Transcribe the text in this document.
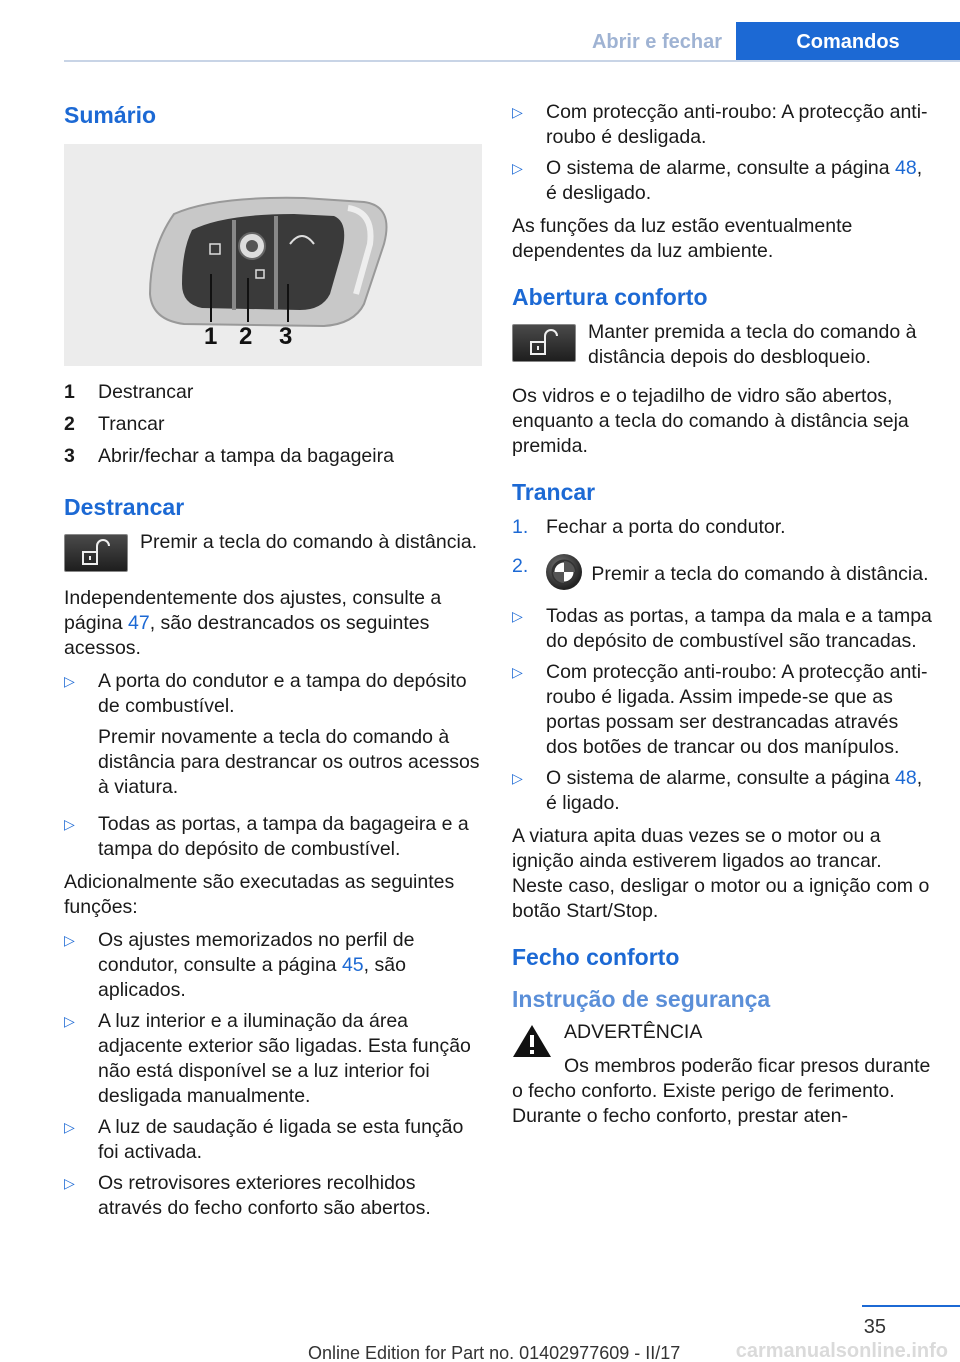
Abrir e fechar	Comandos
Sumário
1 2 3
1	Destrancar
2	Trancar
3	Abrir/fechar a tampa da bagageira
Destrancar
Premir a tecla do comando à distância.

Independentemente dos ajustes, consulte a página 47, são destrancados os seguintes acessos.

▷	A porta do condutor e a tampa do depósito de combustível.

Premir novamente a tecla do comando à distância para destrancar os outros acessos à viatura.

▷	Todas as portas, a tampa da bagageira e a tampa do depósito de combustível.

Adicionalmente são executadas as seguintes funções:

▷	Os ajustes memorizados no perfil de condutor, consulte a página 45, são aplicados.
▷	A luz interior e a iluminação da área adjacente exterior são ligadas. Esta função não está disponível se a luz interior foi desligada manualmente.
▷	A luz de saudação é ligada se esta função foi activada.
▷	Os retrovisores exteriores recolhidos através do fecho conforto são abertos.
▷	Com protecção anti-roubo: A protecção anti-roubo é desligada.
▷	O sistema de alarme, consulte a página 48, é desligado.

As funções da luz estão eventualmente dependentes da luz ambiente.

Abertura conforto
Manter premida a tecla do comando à distância depois do desbloqueio.

Os vidros e o tejadilho de vidro são abertos, enquanto a tecla do comando à distância seja premida.

Trancar
1. Fechar a porta do condutor.
2.	Premir a tecla do comando à distância.
▷	Todas as portas, a tampa da mala e a tampa do depósito de combustível são trancadas.
▷	Com protecção anti-roubo: A protecção anti-roubo é ligada. Assim impede-se que as portas possam ser destrancadas através dos botões de trancar ou dos manípulos.
▷	O sistema de alarme, consulte a página 48, é ligado.

A viatura apita duas vezes se o motor ou a ignição ainda estiverem ligados ao trancar. Neste caso, desligar o motor ou a ignição com o botão Start/Stop.

Fecho conforto
Instrução de segurança
ADVERTÊNCIA

Os membros poderão ficar presos durante o fecho conforto. Existe perigo de ferimento. Durante o fecho conforto, prestar aten-

35
Online Edition for Part no. 01402977609 - II/17	carmanualsonline.info
